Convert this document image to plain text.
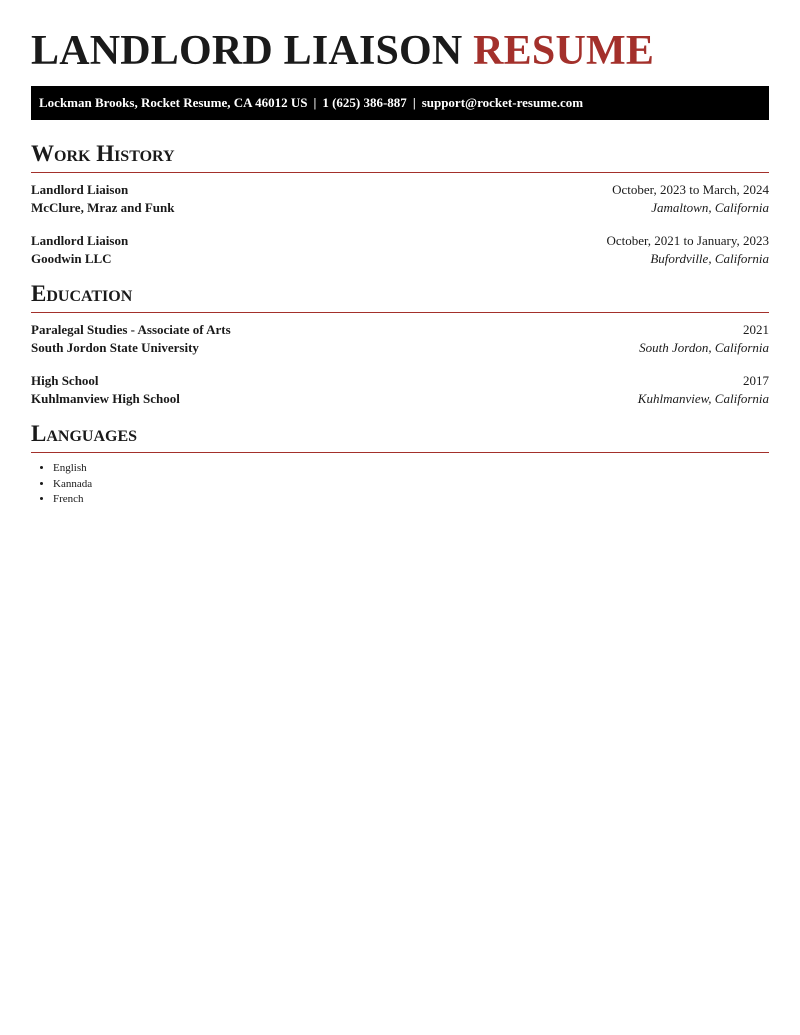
LANDLORD LIAISON RESUME
Lockman Brooks, Rocket Resume, CA 46012 US | 1 (625) 386-887 | support@rocket-resume.com
Work History
Landlord Liaison	October, 2023 to March, 2024
McClure, Mraz and Funk	Jamaltown, California
Landlord Liaison	October, 2021 to January, 2023
Goodwin LLC	Bufordville, California
Education
Paralegal Studies - Associate of Arts	2021
South Jordon State University	South Jordon, California
High School	2017
Kuhlmanview High School	Kuhlmanview, California
Languages
• English
• Kannada
• French
